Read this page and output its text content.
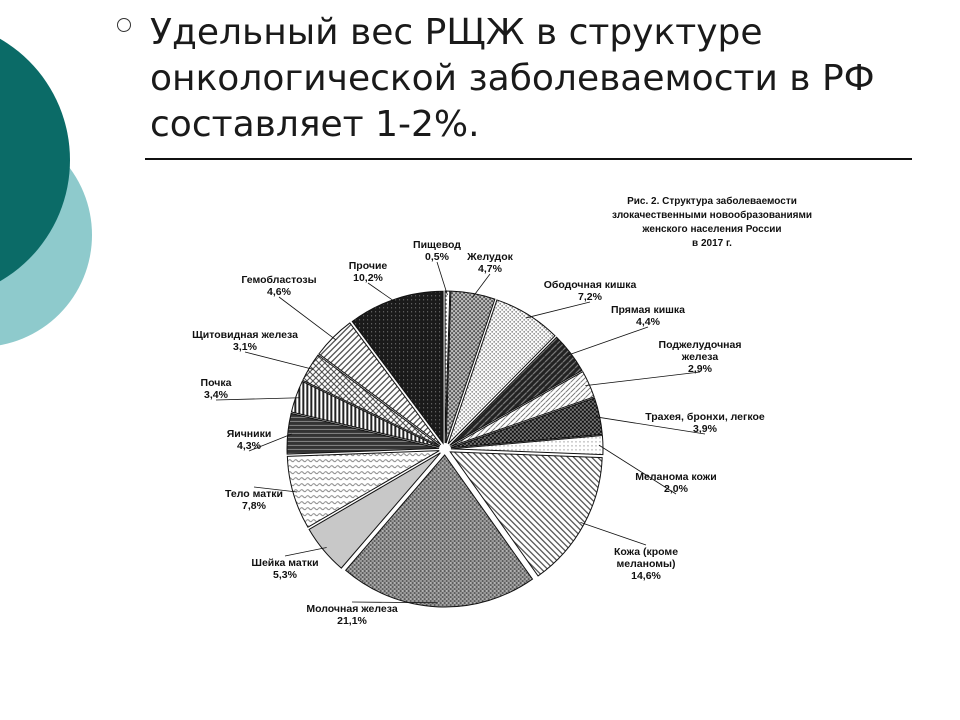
Удельный вес РЩЖ в структуре онкологической заболеваемости в РФ составляет 1-2%.
Рис. 2. Структура заболеваемости
злокачественными новообразованиями
женского населения России
в 2017 г.
Пищевод 0,5%	Желудок 4,7%
Ободочная кишка 7,2%
Прямая кишка 4,4%
Поджелудочная железа 2,9%
Трахея, бронхи, легкое 3,9%
Меланома кожи 2,0%
Кожа (кроме меланомы) 14,6%
Молочная железа 21,1%
Шейка матки 5,3%
Тело матки 7,8%
Яичники 4,3%
Почка 3,4%
Щитовидная железа 3,1%
Гемобластозы 4,6%
Прочие 10,2%
